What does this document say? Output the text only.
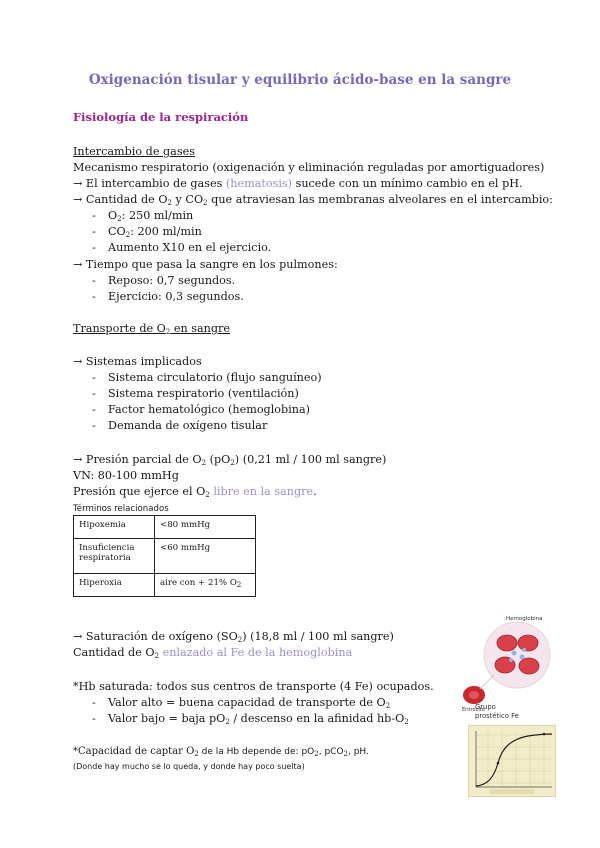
Oxigenación tisular y equilibrio ácido-base en la sangre
Fisiología de la respiración
Intercambio de gases
Mecanismo respiratorio (oxigenación y eliminación reguladas por amortiguadores)
→ El intercambio de gases (hematosis) sucede con un mínimo cambio en el pH.
→ Cantidad de $O_2$ y $CO_2$ que atraviesan las membranas alveolares en el intercambio:
- $O_2$: 250 ml/min
- $CO_2$: 200 ml/min
- Aumento X10 en el ejercicio.
→ Tiempo que pasa la sangre en los pulmones:
- Reposo: 0,7 segundos.
- Ejercicio: 0,3 segundos.
Transporte de $O_2$ en sangre
→ Sistemas implicados
- Sistema circulatorio (flujo sanguíneo)
- Sistema respiratorio (ventilación)
- Factor hematológico (hemoglobina)
- Demanda de oxígeno tisular
→ Presión parcial de $O_2$ $(pO_2)$ (0,21 ml / 100 ml sangre)
VN: 80-100 mmHg
Presión que ejerce el $O_2$ libre en la sangre.
Términos relacionados
Hipoxemia	<80 mmHg
Insuficiencia respiratoria	<60 mmHg
Hiperoxia	aire con + 21% $O_2$
→ Saturación de oxígeno $(SO_2)$ (18,8 ml / 100 ml sangre)
Cantidad de $O_2$ enlazado al Fe de la hemoglobina
*Hb saturada: todos sus centros de transporte (4 Fe) ocupados.
- Valor alto = buena capacidad de transporte de $O_2$
- Valor bajo = baja $pO_2$ / descenso en la afinidad $hb-O_2$
*Capacidad de captar $O_2$ de la Hb depende de: $pO_2$, pCO$_2$, pH.
(Donde hay mucho se lo queda, y donde hay poco suelta)
Hemoglobina
Eritrocito
Grupo
prostético Fe
